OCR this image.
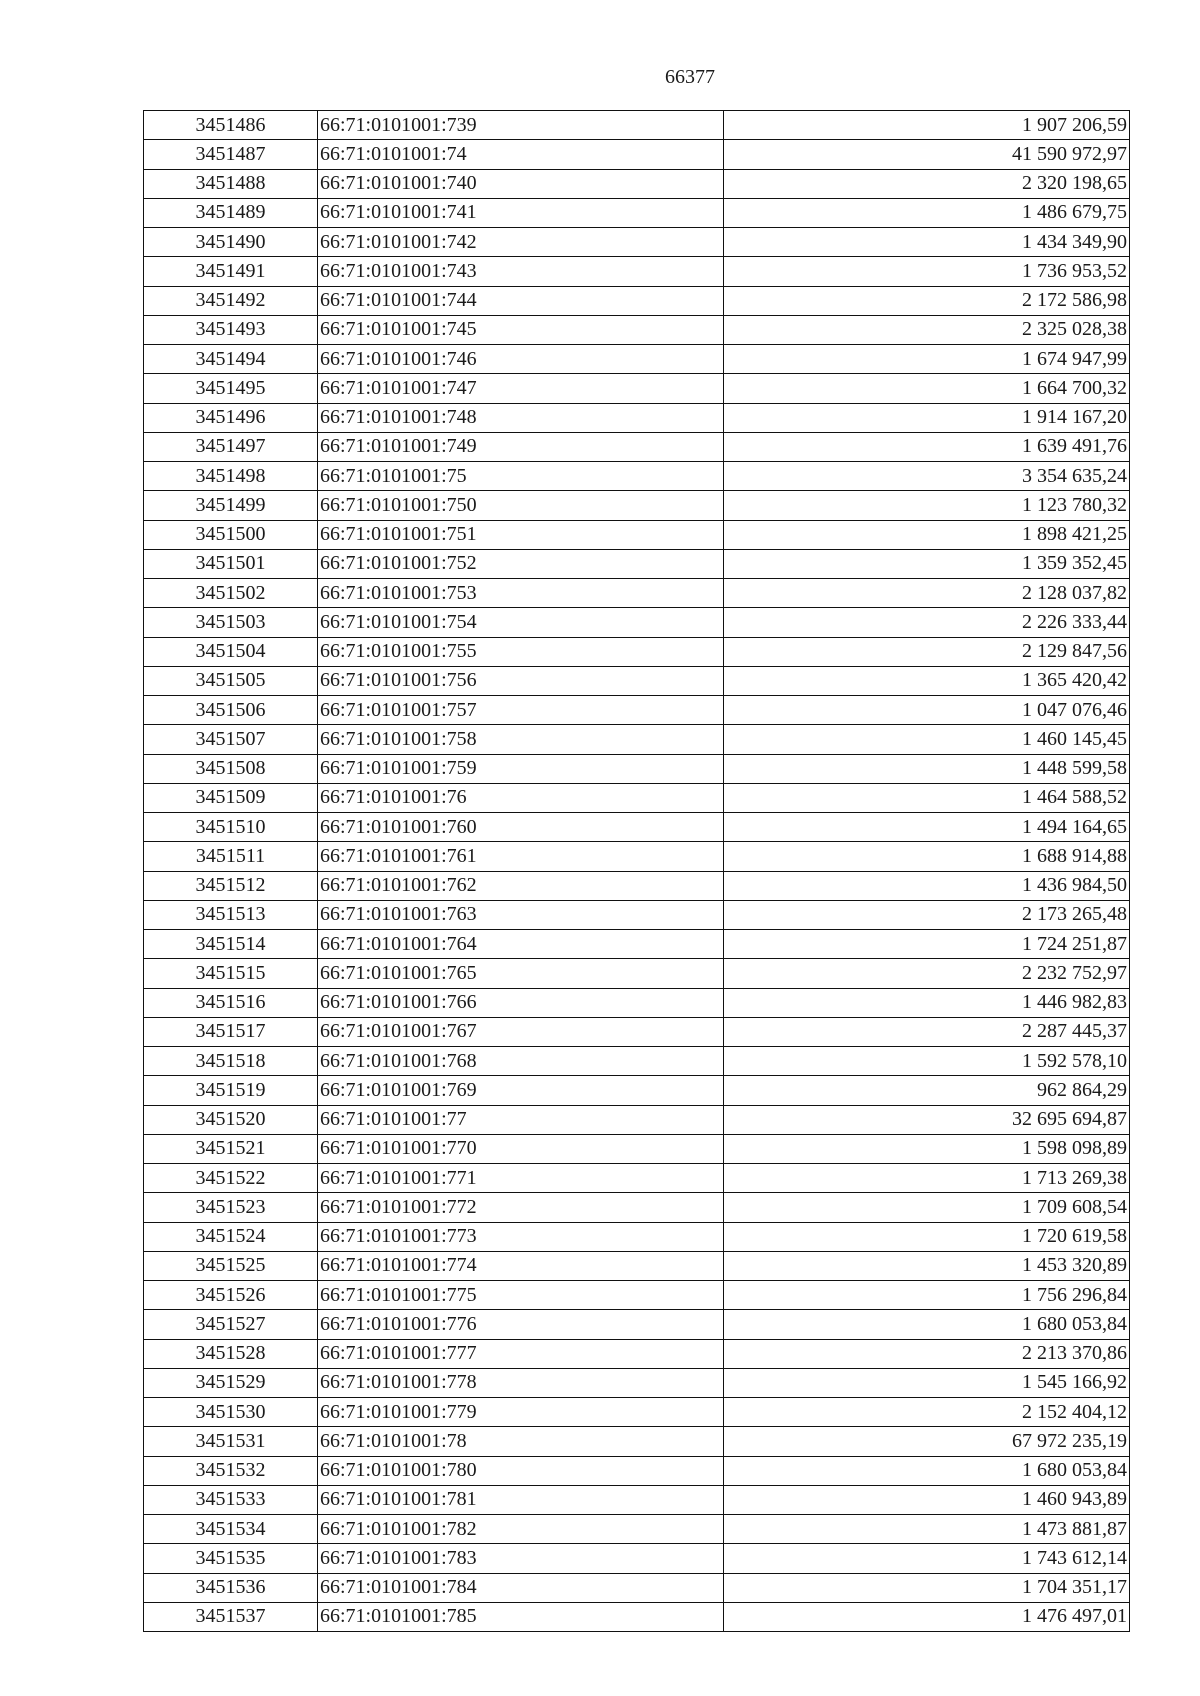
66377
3451486	66:71:0101001:739	1 907 206,59
3451487	66:71:0101001:74	41 590 972,97
3451488	66:71:0101001:740	2 320 198,65
3451489	66:71:0101001:741	1 486 679,75
3451490	66:71:0101001:742	1 434 349,90
3451491	66:71:0101001:743	1 736 953,52
3451492	66:71:0101001:744	2 172 586,98
3451493	66:71:0101001:745	2 325 028,38
3451494	66:71:0101001:746	1 674 947,99
3451495	66:71:0101001:747	1 664 700,32
3451496	66:71:0101001:748	1 914 167,20
3451497	66:71:0101001:749	1 639 491,76
3451498	66:71:0101001:75	3 354 635,24
3451499	66:71:0101001:750	1 123 780,32
3451500	66:71:0101001:751	1 898 421,25
3451501	66:71:0101001:752	1 359 352,45
3451502	66:71:0101001:753	2 128 037,82
3451503	66:71:0101001:754	2 226 333,44
3451504	66:71:0101001:755	2 129 847,56
3451505	66:71:0101001:756	1 365 420,42
3451506	66:71:0101001:757	1 047 076,46
3451507	66:71:0101001:758	1 460 145,45
3451508	66:71:0101001:759	1 448 599,58
3451509	66:71:0101001:76	1 464 588,52
3451510	66:71:0101001:760	1 494 164,65
3451511	66:71:0101001:761	1 688 914,88
3451512	66:71:0101001:762	1 436 984,50
3451513	66:71:0101001:763	2 173 265,48
3451514	66:71:0101001:764	1 724 251,87
3451515	66:71:0101001:765	2 232 752,97
3451516	66:71:0101001:766	1 446 982,83
3451517	66:71:0101001:767	2 287 445,37
3451518	66:71:0101001:768	1 592 578,10
3451519	66:71:0101001:769	962 864,29
3451520	66:71:0101001:77	32 695 694,87
3451521	66:71:0101001:770	1 598 098,89
3451522	66:71:0101001:771	1 713 269,38
3451523	66:71:0101001:772	1 709 608,54
3451524	66:71:0101001:773	1 720 619,58
3451525	66:71:0101001:774	1 453 320,89
3451526	66:71:0101001:775	1 756 296,84
3451527	66:71:0101001:776	1 680 053,84
3451528	66:71:0101001:777	2 213 370,86
3451529	66:71:0101001:778	1 545 166,92
3451530	66:71:0101001:779	2 152 404,12
3451531	66:71:0101001:78	67 972 235,19
3451532	66:71:0101001:780	1 680 053,84
3451533	66:71:0101001:781	1 460 943,89
3451534	66:71:0101001:782	1 473 881,87
3451535	66:71:0101001:783	1 743 612,14
3451536	66:71:0101001:784	1 704 351,17
3451537	66:71:0101001:785	1 476 497,01
